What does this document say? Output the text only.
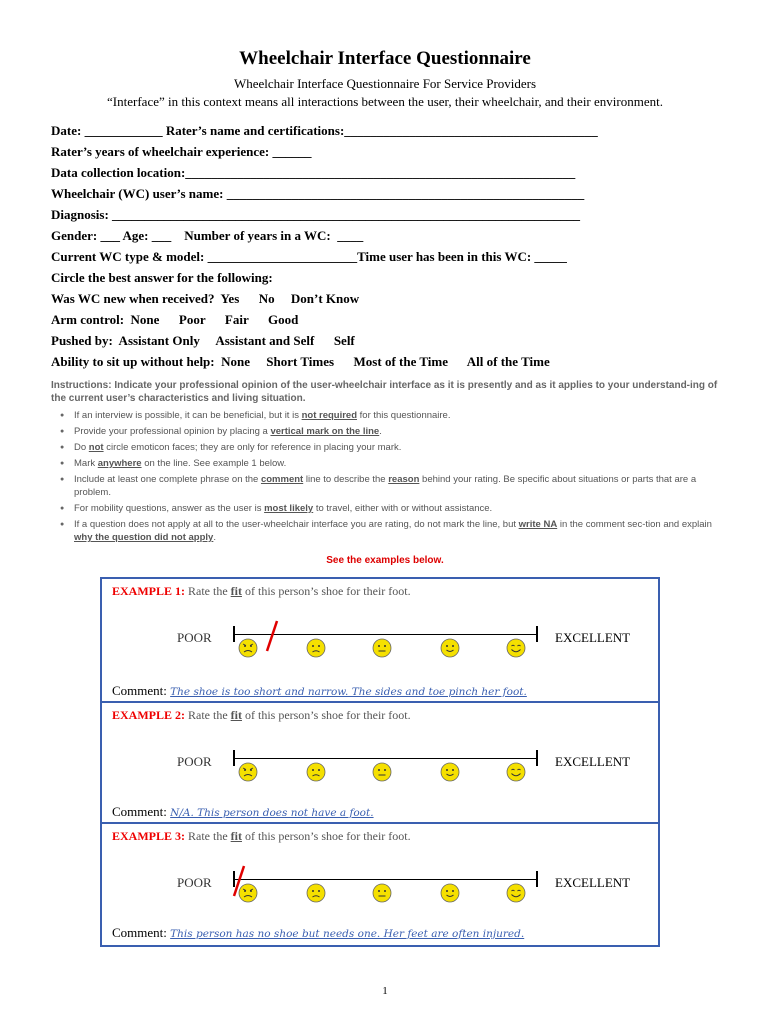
Wheelchair Interface Questionnaire
Wheelchair Interface Questionnaire For Service Providers
“Interface” in this context means all interactions between the user, their wheelchair, and their environment.
Date: ____________ Rater’s name and certifications:_______________________________________
Rater’s years of wheelchair experience: ______
Data collection location:____________________________________________________________
Wheelchair (WC) user’s name: _______________________________________________________
Diagnosis: ________________________________________________________________________
Gender: ___ Age: ___    Number of years in a WC:  ____
Current WC type & model: _______________________Time user has been in this WC: _____
Circle the best answer for the following:
Was WC new when received?  Yes      No     Don’t Know
Arm control:  None      Poor      Fair      Good
Pushed by:  Assistant Only     Assistant and Self      Self
Ability to sit up without help:  None     Short Times      Most of the Time      All of the Time
Instructions: Indicate your professional opinion of the user-wheelchair interface as it is presently and as it applies to your understand-ing of the current user’s characteristics and living situation.
● If an interview is possible, it can be beneficial, but it is not required for this questionnaire.
● Provide your professional opinion by placing a vertical mark on the line.
● Do not circle emoticon faces; they are only for reference in placing your mark.
● Mark anywhere on the line. See example 1 below.
● Include at least one complete phrase on the comment line to describe the reason behind your rating. Be specific about situations or parts that are a problem.
● For mobility questions, answer as the user is most likely to travel, either with or without assistance.
● If a question does not apply at all to the user-wheelchair interface you are rating, do not mark the line, but write NA in the comment sec-tion and explain why the question did not apply.
See the examples below.
EXAMPLE 1: Rate the fit of this person’s shoe for their foot.
POOR	EXCELLENT
Comment: The shoe is too short and narrow. The sides and toe pinch her foot.
EXAMPLE 2: Rate the fit of this person’s shoe for their foot.
POOR	EXCELLENT
Comment: N/A. This person does not have a foot.
EXAMPLE 3: Rate the fit of this person’s shoe for their foot.
POOR	EXCELLENT
Comment: This person has no shoe but needs one. Her feet are often injured.
1
